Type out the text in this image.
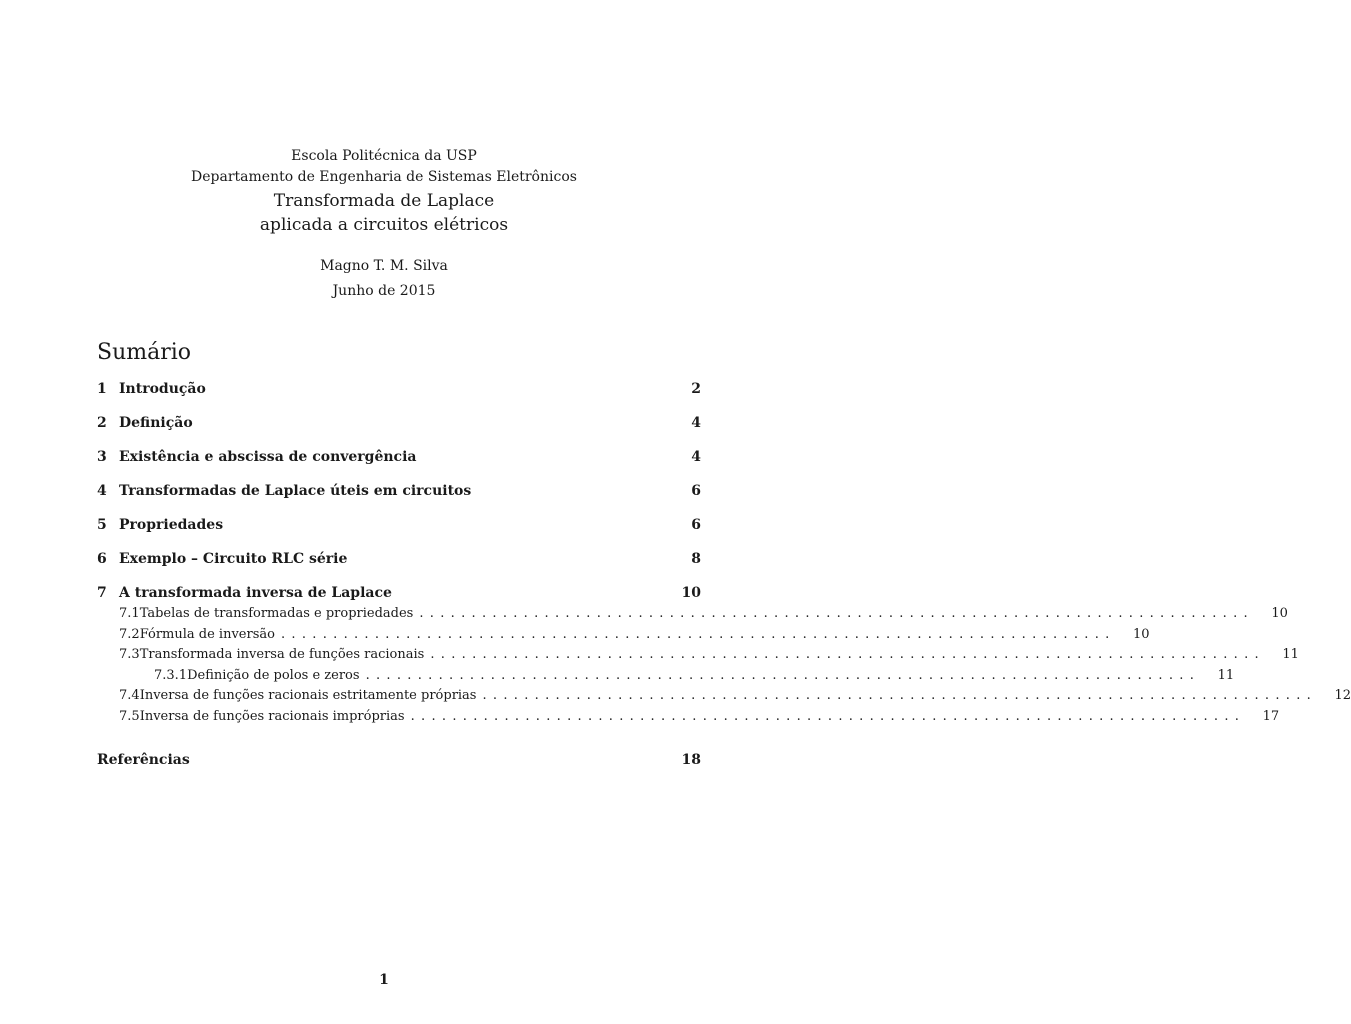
Escola Politécnica da USP
Departamento de Engenharia de Sistemas Eletrônicos
Transformada de Laplace
aplicada a circuitos elétricos
Magno T. M. Silva
Junho de 2015
Sumário
1 Introdução	2
2 Definição	4
3 Existência e abscissa de convergência	4
4 Transformadas de Laplace úteis em circuitos	6
5 Propriedades	6
6 Exemplo – Circuito RLC série	8
7 A transformada inversa de Laplace	10
7.1 Tabelas de transformadas e propriedades ................................................................................	10
7.2 Fórmula de inversão ................................................................................	10
7.3 Transformada inversa de funções racionais ................................................................................	11
7.3.1 Definição de polos e zeros ................................................................................	11
7.4 Inversa de funções racionais estritamente próprias ................................................................................	12
7.5 Inversa de funções racionais impróprias ................................................................................	17
Referências	18
1
